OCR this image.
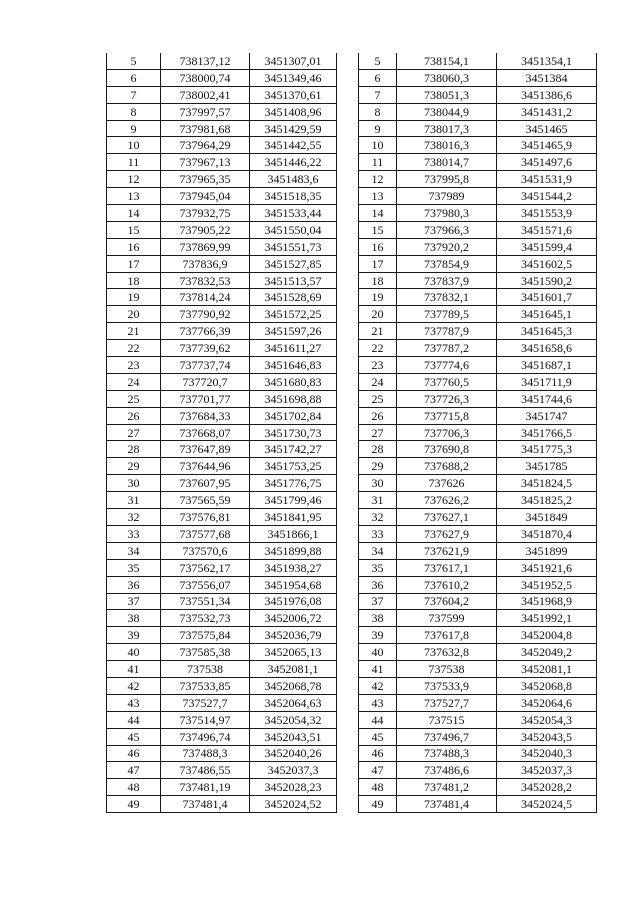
5	738137,12	3451307,01
6	738000,74	3451349,46
7	738002,41	3451370,61
8	737997,57	3451408,96
9	737981,68	3451429,59
10	737964,29	3451442,55
11	737967,13	3451446,22
12	737965,35	3451483,6
13	737945,04	3451518,35
14	737932,75	3451533,44
15	737905,22	3451550,04
16	737869,99	3451551,73
17	737836,9	3451527,85
18	737832,53	3451513,57
19	737814,24	3451528,69
20	737790,92	3451572,25
21	737766,39	3451597,26
22	737739,62	3451611,27
23	737737,74	3451646,83
24	737720,7	3451680,83
25	737701,77	3451698,88
26	737684,33	3451702,84
27	737668,07	3451730,73
28	737647,89	3451742,27
29	737644,96	3451753,25
30	737607,95	3451776,75
31	737565,59	3451799,46
32	737576,81	3451841,95
33	737577,68	3451866,1
34	737570,6	3451899,88
35	737562,17	3451938,27
36	737556,07	3451954,68
37	737551,34	3451976,08
38	737532,73	3452006,72
39	737575,84	3452036,79
40	737585,38	3452065,13
41	737538	3452081,1
42	737533,85	3452068,78
43	737527,7	3452064,63
44	737514,97	3452054,32
45	737496,74	3452043,51
46	737488,3	3452040,26
47	737486,55	3452037,3
48	737481,19	3452028,23
49	737481,4	3452024,52
5	738154,1	3451354,1
6	738060,3	3451384
7	738051,3	3451386,6
8	738044,9	3451431,2
9	738017,3	3451465
10	738016,3	3451465,9
11	738014,7	3451497,6
12	737995,8	3451531,9
13	737989	3451544,2
14	737980,3	3451553,9
15	737966,3	3451571,6
16	737920,2	3451599,4
17	737854,9	3451602,5
18	737837,9	3451590,2
19	737832,1	3451601,7
20	737789,5	3451645,1
21	737787,9	3451645,3
22	737787,2	3451658,6
23	737774,6	3451687,1
24	737760,5	3451711,9
25	737726,3	3451744,6
26	737715,8	3451747
27	737706,3	3451766,5
28	737690,8	3451775,3
29	737688,2	3451785
30	737626	3451824,5
31	737626,2	3451825,2
32	737627,1	3451849
33	737627,9	3451870,4
34	737621,9	3451899
35	737617,1	3451921,6
36	737610,2	3451952,5
37	737604,2	3451968,9
38	737599	3451992,1
39	737617,8	3452004,8
40	737632,8	3452049,2
41	737538	3452081,1
42	737533,9	3452068,8
43	737527,7	3452064,6
44	737515	3452054,3
45	737496,7	3452043,5
46	737488,3	3452040,3
47	737486,6	3452037,3
48	737481,2	3452028,2
49	737481,4	3452024,5
